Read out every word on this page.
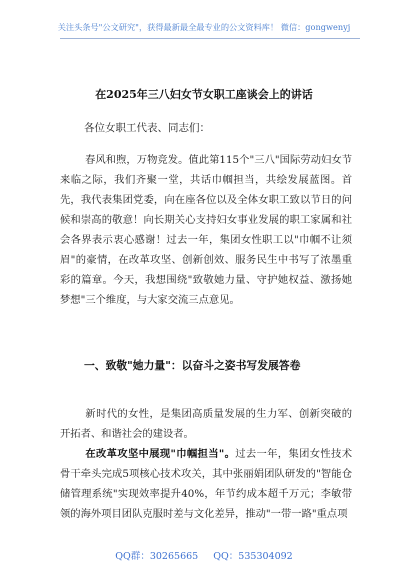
关注头条号"公文研究"，获得最新最全最专业的公文资料库！ 微信：gongwenyj
在2025年三八妇女节女职工座谈会上的讲话
各位女职工代表、同志们：
春风和煦，万物竞发。值此第115个"三八"国际劳动妇女节来临之际，我们齐聚一堂，共话巾帼担当，共绘发展蓝图。首先，我代表集团党委，向在座各位以及全体女职工致以节日的问候和崇高的敬意！向长期关心支持妇女事业发展的职工家属和社会各界表示衷心感谢！过去一年，集团女性职工以"巾帼不让须眉"的豪情，在改革攻坚、创新创效、服务民生中书写了浓墨重彩的篇章。今天，我想围绕"致敬她力量、守护她权益、激扬她梦想"三个维度，与大家交流三点意见。
一、致敬"她力量"：以奋斗之姿书写发展答卷
新时代的女性，是集团高质量发展的生力军、创新突破的开拓者、和谐社会的建设者。
在改革攻坚中展现"巾帼担当"。过去一年，集团女性技术骨干牵头完成5项核心技术攻关，其中张丽娟团队研发的"智能仓储管理系统"实现效率提升40%，年节约成本超千万元；李敏带领的海外项目团队克服时差与文化差异，推动"一带一路"重点项
QQ群：30265665 QQ：535304092
